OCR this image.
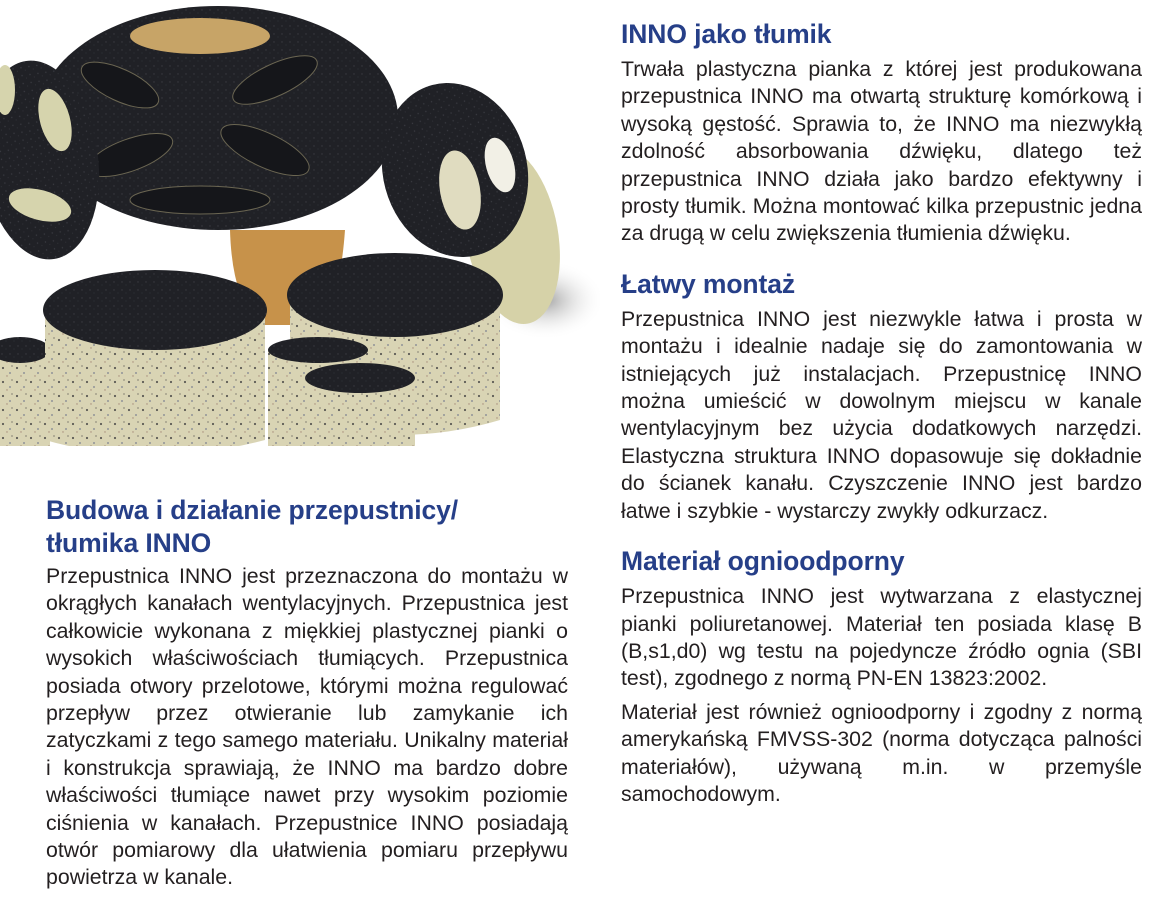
Budowa i działanie przepustnicy/
tłumika INNO

Przepustnica INNO jest przeznaczona do montażu w okrągłych kanałach wentylacyjnych. Przepustnica jest całkowicie wykonana z miękkiej plastycznej pianki o wysokich właściwościach tłumiących. Przepustnica posiada otwory przelotowe, którymi można regulować przepływ przez otwieranie lub zamykanie ich zatyczkami z tego samego materiału. Unikalny materiał i konstrukcja sprawiają, że INNO ma bardzo dobre właściwości tłumiące nawet przy wysokim poziomie ciśnienia w kanałach. Przepustnice INNO posiadają otwór pomiarowy dla ułatwienia pomiaru przepływu powietrza w kanale.

INNO jako tłumik

Trwała plastyczna pianka z której jest produkowana przepustnica INNO ma otwartą strukturę komórkową i wysoką gęstość. Sprawia to, że INNO ma niezwykłą zdolność absorbowania dźwięku, dlatego też przepustnica INNO działa jako bardzo efektywny i prosty tłumik. Można montować kilka przepustnic jedna za drugą w celu zwiększenia tłumienia dźwięku.

Łatwy montaż

Przepustnica INNO jest niezwykle łatwa i prosta w montażu i idealnie nadaje się do zamontowania w istniejących już instalacjach. Przepustnicę INNO można umieścić w dowolnym miejscu w kanale wentylacyjnym bez użycia dodatkowych narzędzi. Elastyczna struktura INNO dopasowuje się dokładnie do ścianek kanału. Czyszczenie INNO jest bardzo łatwe i szybkie - wystarczy zwykły odkurzacz.

Materiał ognioodporny

Przepustnica INNO jest wytwarzana z elastycznej pianki poliuretanowej. Materiał ten posiada klasę B (B,s1,d0) wg testu na pojedyncze źródło ognia (SBI test), zgodnego z normą PN-EN 13823:2002.

Materiał jest również ognioodporny i zgodny z normą amerykańską FMVSS-302 (norma dotycząca palności materiałów), używaną m.in. w przemyśle samochodowym.
